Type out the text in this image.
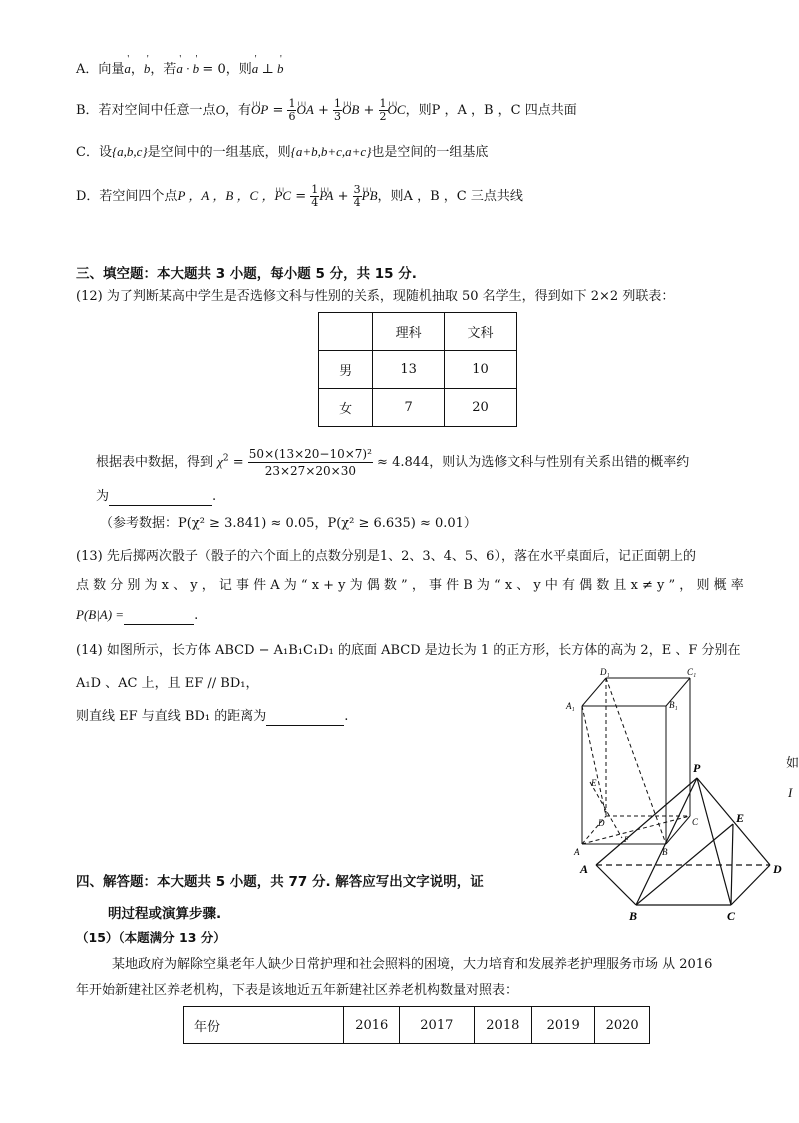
A．向量' a，' b，若' a · ' b = 0，则' a ⊥ ' b
B．若对空间中任意一点O，有╷╷╷ OP = $\frac{1}{6}$ ╷╷╷ OA + $\frac{1}{3}$ ╷╷╷ OB + $\frac{1}{2}$ ╷╷╷ OC，则P ，A ，B ，C 四点共面
C．设{a,b,c}是空间中的一组基底，则{a+b,b+c,a+c}也是空间的一组基底
D．若空间四个点P ，A ，B ，C ，╷╷╷ PC = $\frac{1}{4}$ ╷╷╷ PA + $\frac{3}{4}$ ╷╷╷ PB，则A ，B ，C 三点共线
三、填空题：本大题共 3 小题，每小题 5 分，共 15 分.
(12) 为了判断某高中学生是否选修文科与性别的关系，现随机抽取 50 名学生，得到如下 2×2 列联表：
	理科	文科
男	13	10
女	7	20
根据表中数据，得到 $\chi^2 = \frac{\text{50×(13×20−10×7)²}}{23\times 27\times 20\times 30} \approx 4.844$，则认为选修文科与性别有关系出错的概率约
为	.
（参考数据：P(χ² ≥ 3.841) ≈ 0.05，P(χ² ≥ 6.635) ≈ 0.01）
(13) 先后掷两次骰子（骰子的六个面上的点数分别是1、2、3、4、5、6），落在水平桌面后，记正面朝上的
点 数 分 别 为 x 、 y ， 记 事 件 A 为 “ x + y 为 偶 数 ” ， 事 件 B 为 “ x 、 y 中 有 偶 数 且 x ≠ y ” ， 则 概 率
P(B|A) =	.
(14) 如图所示，长方体 ABCD − A₁B₁C₁D₁ 的底面 ABCD 是边长为 1 的正方形，长方体的高为 2，E 、F 分别在
A₁D 、AC 上，且 EF // BD₁，
则直线 EF 与直线 BD₁ 的距离为	.
D₁	C₁
A₁	B₁
E
D	C
A
F
B
P
E
A	D
B	C
如
I
四、解答题：本大题共 5 小题，共 77 分. 解答应写出文字说明，证
明过程或演算步骤.
（15）（本题满分 13 分）
某地政府为解除空巢老年人缺少日常护理和社会照料的困境，大力培育和发展养老护理服务市场 从 2016
年开始新建社区养老机构，下表是该地近五年新建社区养老机构数量对照表：
年份	2016	2017	2018	2019	2020
